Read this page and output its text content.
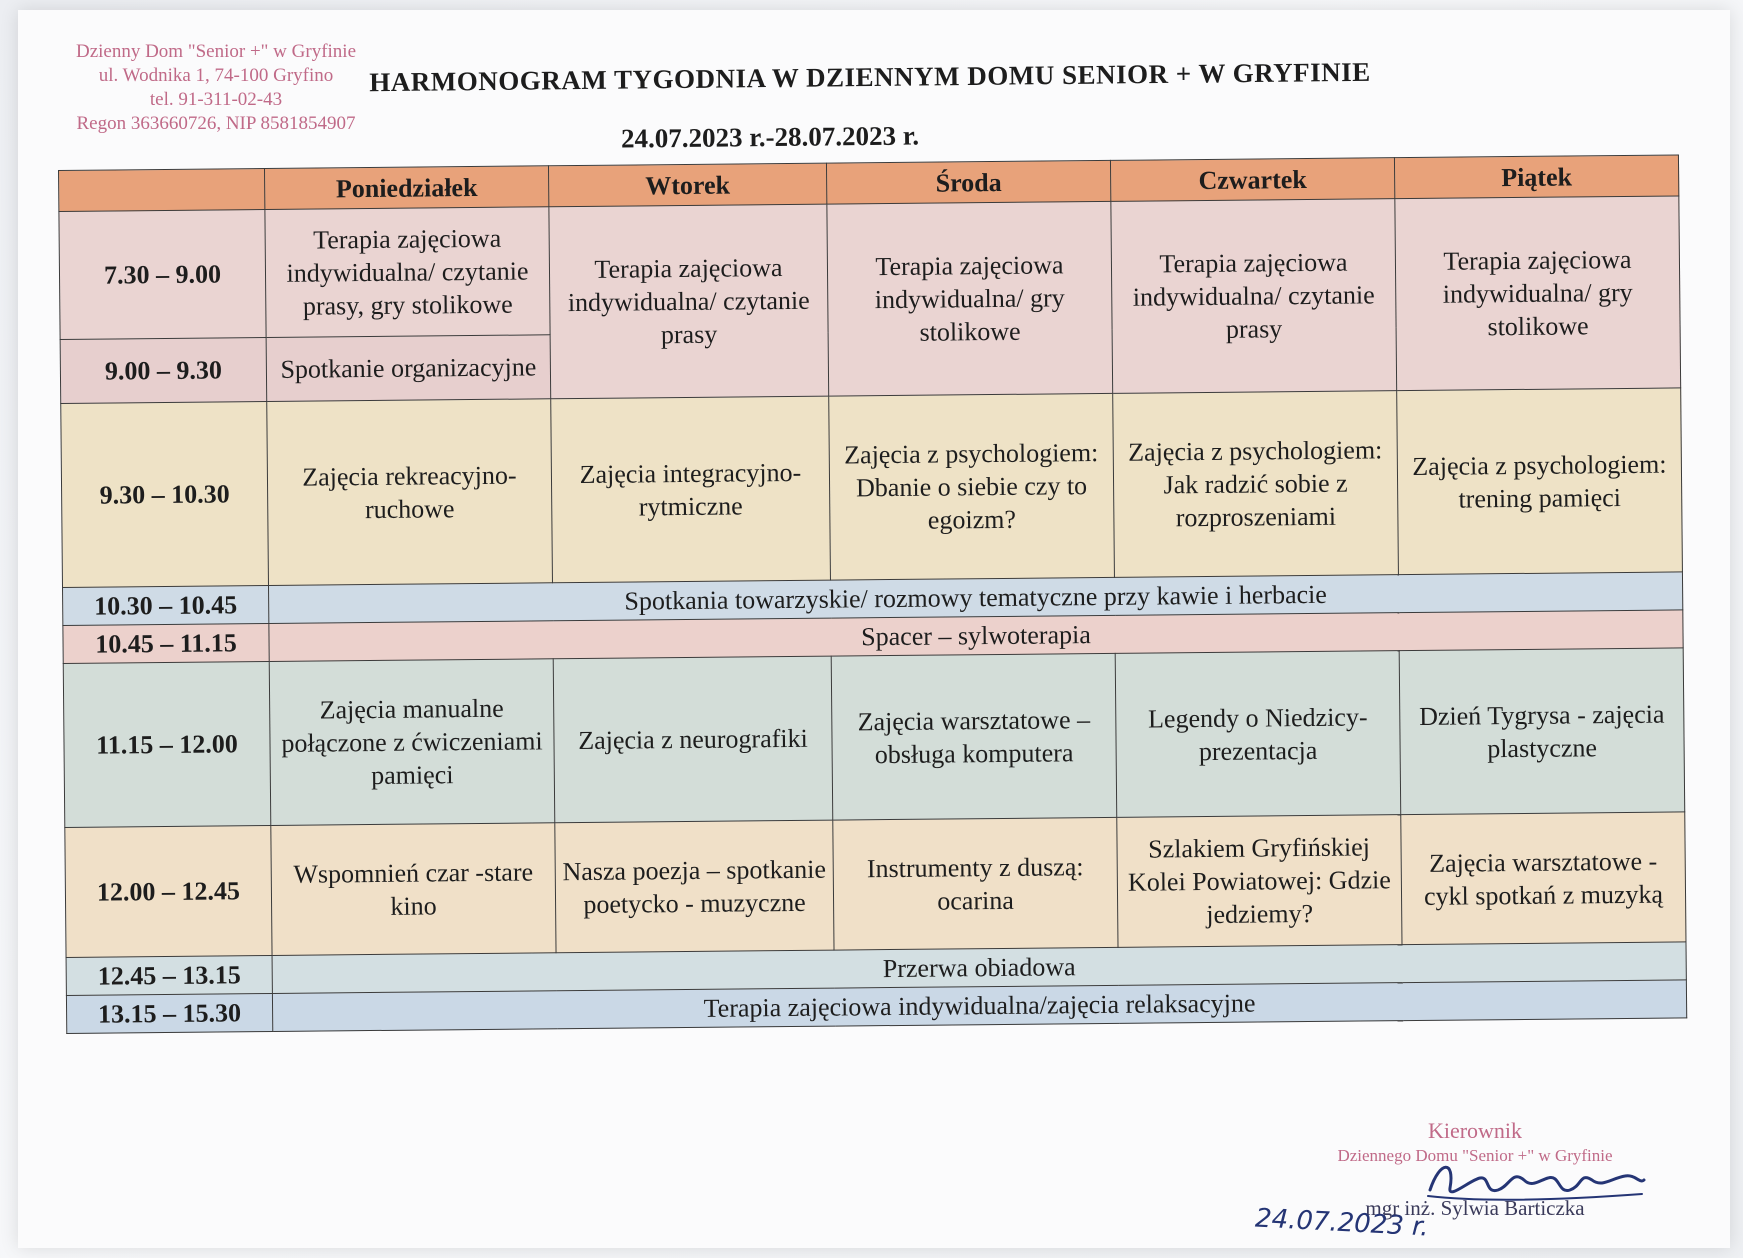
Dzienny Dom "Senior +" w Gryfinie
ul. Wodnika 1, 74-100 Gryfino
tel. 91-311-02-43
Regon 363660726, NIP 8581854907
HARMONOGRAM TYGODNIA W DZIENNYM DOMU SENIOR + W GRYFINIE
24.07.2023 r.-28.07.2023 r.
	Poniedziałek	Wtorek	Środa	Czwartek	Piątek
7.30 – 9.00	Terapia zajęciowa indywidualna/ czytanie prasy, gry stolikowe	Terapia zajęciowa indywidualna/ czytanie prasy	Terapia zajęciowa indywidualna/ gry stolikowe	Terapia zajęciowa indywidualna/ czytanie prasy	Terapia zajęciowa indywidualna/ gry stolikowe
9.00 – 9.30	Spotkanie organizacyjne				
9.30 – 10.30	Zajęcia rekreacyjno-ruchowe	Zajęcia integracyjno-rytmiczne	Zajęcia z psychologiem: Dbanie o siebie czy to egoizm?	Zajęcia z psychologiem: Jak radzić sobie z rozproszeniami	Zajęcia z psychologiem: trening pamięci
10.30 – 10.45	Spotkania towarzyskie/ rozmowy tematyczne przy kawie i herbacie				
10.45 – 11.15	Spacer – sylwoterapia				
11.15 – 12.00	Zajęcia manualne połączone z ćwiczeniami pamięci	Zajęcia z neurografiki	Zajęcia warsztatowe – obsługa komputera	Legendy o Niedzicy- prezentacja	Dzień Tygrysa - zajęcia plastyczne
12.00 – 12.45	Wspomnień czar -stare kino	Nasza poezja – spotkanie poetycko - muzyczne	Instrumenty z duszą: ocarina	Szlakiem Gryfińskiej Kolei Powiatowej: Gdzie jedziemy?	Zajęcia warsztatowe - cykl spotkań z muzyką
12.45 – 13.15	Przerwa obiadowa				
13.15 – 15.30	Terapia zajęciowa indywidualna/zajęcia relaksacyjne				
Kierownik
Dziennego Domu "Senior +" w Gryfinie
mgr inż. Sylwia Barticzka
24.07.2023 r.
